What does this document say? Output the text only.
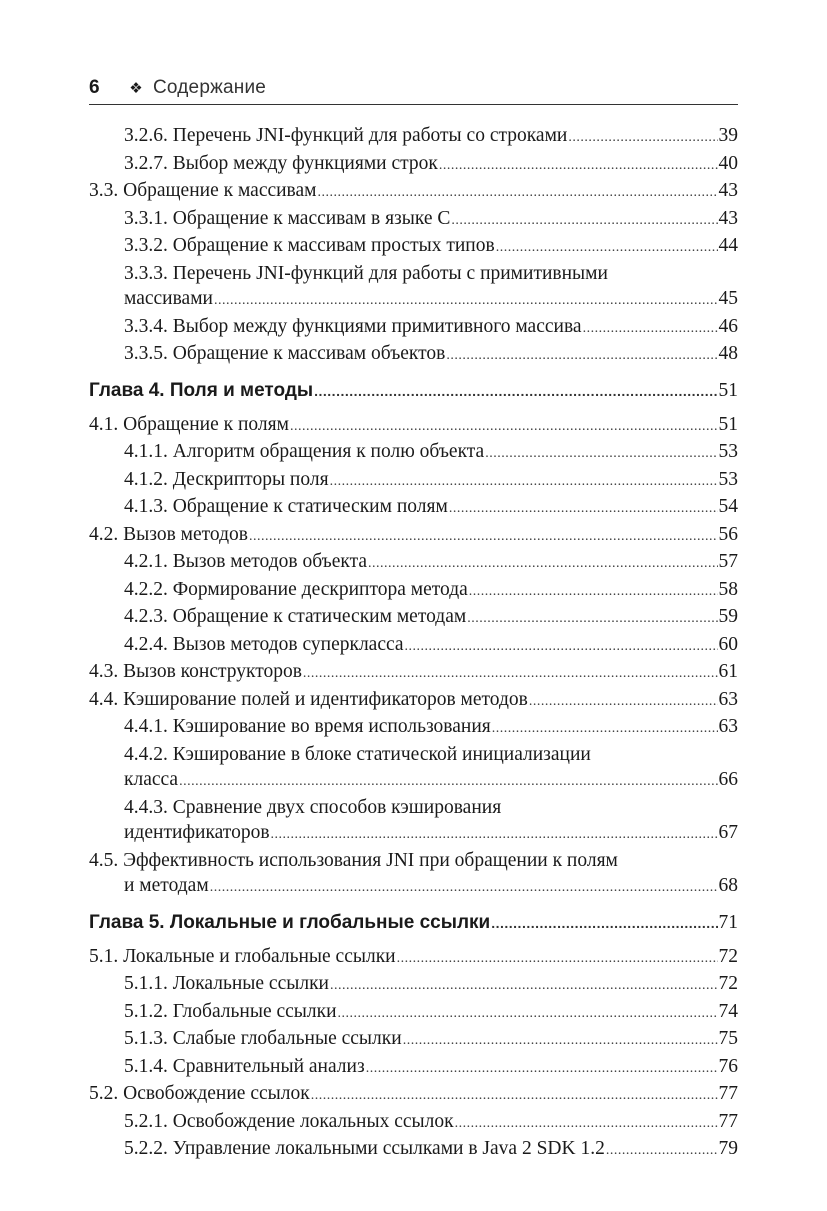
6	❖ Содержание
3.2.6. Перечень JNI-функций для работы со строками .....	39
3.2.7. Выбор между функциями строк .....	40
3.3. Обращение к массивам .....	43
3.3.1. Обращение к массивам в языке C .....	43
3.3.2. Обращение к массивам простых типов .....	44
3.3.3. Перечень JNI-функций для работы с примитивными
массивами .....	45
3.3.4. Выбор между функциями примитивного массива .....	46
3.3.5. Обращение к массивам объектов .....	48
Глава 4. Поля и методы .....	51
4.1. Обращение к полям .....	51
4.1.1. Алгоритм обращения к полю объекта .....	53
4.1.2. Дескрипторы поля .....	53
4.1.3. Обращение к статическим полям .....	54
4.2. Вызов методов .....	56
4.2.1. Вызов методов объекта .....	57
4.2.2. Формирование дескриптора метода .....	58
4.2.3. Обращение к статическим методам .....	59
4.2.4. Вызов методов суперкласса .....	60
4.3. Вызов конструкторов .....	61
4.4. Кэширование полей и идентификаторов методов .....	63
4.4.1. Кэширование во время использования .....	63
4.4.2. Кэширование в блоке статической инициализации
класса .....	66
4.4.3. Сравнение двух способов кэширования
идентификаторов .....	67
4.5. Эффективность использования JNI при обращении к полям
и методам .....	68
Глава 5. Локальные и глобальные ссылки .....	71
5.1. Локальные и глобальные ссылки .....	72
5.1.1. Локальные ссылки .....	72
5.1.2. Глобальные ссылки .....	74
5.1.3. Слабые глобальные ссылки .....	75
5.1.4. Сравнительный анализ .....	76
5.2. Освобождение ссылок .....	77
5.2.1. Освобождение локальных ссылок .....	77
5.2.2. Управление локальными ссылками в Java 2 SDK 1.2 .....	79
